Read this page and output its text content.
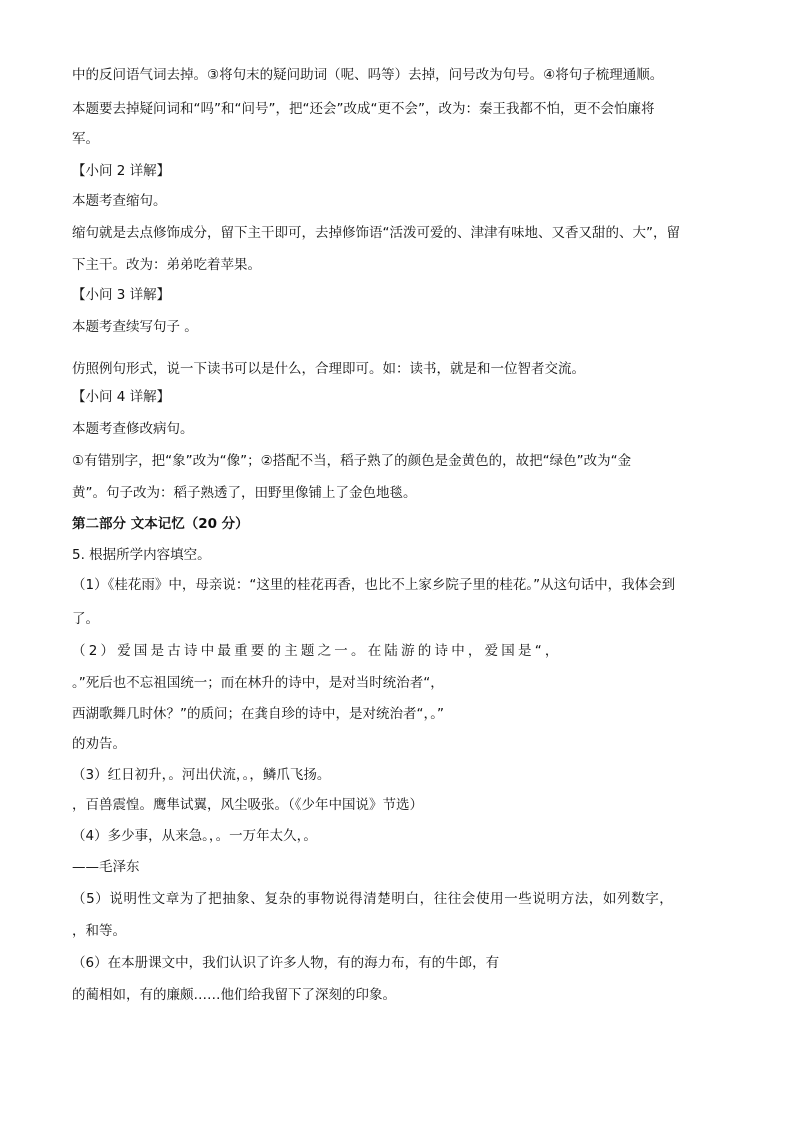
中的反问语气词去掉。③将句末的疑问助词（呢、吗等）去掉，问号改为句号。④将句子梳理通顺。
本题要去掉疑问词和“吗”和“问号”，把“还会”改成“更不会”，改为：秦王我都不怕，更不会怕廉将
军。
【小问 2 详解】
本题考查缩句。
缩句就是去点修饰成分，留下主干即可，去掉修饰语“活泼可爱的、津津有味地、又香又甜的、大”，留
下主干。改为：弟弟吃着苹果。
【小问 3 详解】
本题考查续写句子 。
仿照例句形式，说一下读书可以是什么，合理即可。如：读书，就是和一位智者交流。
【小问 4 详解】
本题考查修改病句。
①有错别字，把“象”改为“像”；②搭配不当，稻子熟了的颜色是金黄色的，故把“绿色”改为“金
黄”。句子改为：稻子熟透了，田野里像铺上了金色地毯。
第二部分 文本记忆（20 分）
5. 根据所学内容填空。
（1）《桂花雨》中，母亲说：“这里的桂花再香，也比不上家乡院子里的桂花。”从这句话中，我体会到
了。
（2）爱国是古诗中最重要的主题之一。在陆游的诗中，爱国是“，
。”死后也不忘祖国统一；而在林升的诗中，是对当时统治者“，
西湖歌舞几时休？”的质问；在龚自珍的诗中，是对统治者“，。”
的劝告。
（3）红日初升，。河出伏流，。，鳞爪飞扬。
，百兽震惶。鹰隼试翼，风尘吸张。（《少年中国说》节选）
（4）多少事，从来急。，。一万年太久，。
——毛泽东
（5）说明性文章为了把抽象、复杂的事物说得清楚明白，往往会使用一些说明方法，如列数字，
，和等。
（6）在本册课文中，我们认识了许多人物，有的海力布，有的牛郎，有
的蔺相如，有的廉颇……他们给我留下了深刻的印象。
